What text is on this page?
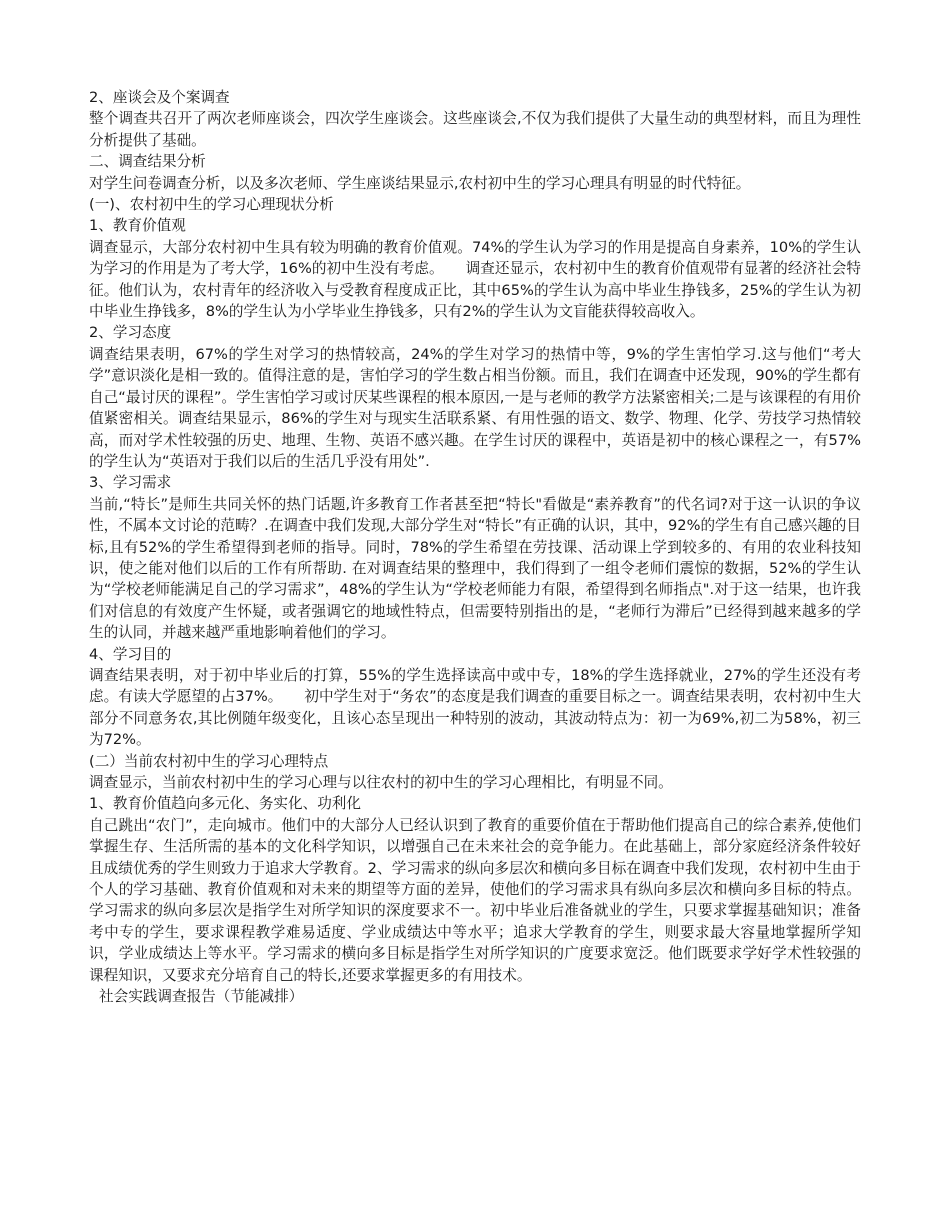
2、座谈会及个案调查

整个调查共召开了两次老师座谈会，四次学生座谈会。这些座谈会,不仅为我们提供了大量生动的典型材料，而且为理性分析提供了基础。

二、调查结果分析

对学生问卷调查分析，以及多次老师、学生座谈结果显示,农村初中生的学习心理具有明显的时代特征。

(一)、农村初中生的学习心理现状分析

1、教育价值观

调查显示，大部分农村初中生具有较为明确的教育价值观。74%的学生认为学习的作用是提高自身素养，10%的学生认为学习的作用是为了考大学，16%的初中生没有考虑。　　调查还显示，农村初中生的教育价值观带有显著的经济社会特征。他们认为，农村青年的经济收入与受教育程度成正比，其中65%的学生认为高中毕业生挣钱多，25%的学生认为初中毕业生挣钱多，8%的学生认为小学毕业生挣钱多，只有2%的学生认为文盲能获得较高收入。

2、学习态度

调查结果表明，67%的学生对学习的热情较高，24%的学生对学习的热情中等，9%的学生害怕学习.这与他们“考大学”意识淡化是相一致的。值得注意的是，害怕学习的学生数占相当份额。而且，我们在调查中还发现，90%的学生都有自己“最讨厌的课程”。学生害怕学习或讨厌某些课程的根本原因,一是与老师的教学方法紧密相关;二是与该课程的有用价值紧密相关。调查结果显示，86%的学生对与现实生活联系紧、有用性强的语文、数学、物理、化学、劳技学习热情较高，而对学术性较强的历史、地理、生物、英语不感兴趣。在学生讨厌的课程中，英语是初中的核心课程之一，有57%的学生认为“英语对于我们以后的生活几乎没有用处”.

3、学习需求

当前,“特长”是师生共同关怀的热门话题,许多教育工作者甚至把“特长"看做是“素养教育”的代名词?对于这一认识的争议性，不属本文讨论的范畴？.在调查中我们发现,大部分学生对“特长”有正确的认识，其中，92%的学生有自己感兴趣的目标,且有52%的学生希望得到老师的指导。同时，78%的学生希望在劳技课、活动课上学到较多的、有用的农业科技知识，使之能对他们以后的工作有所帮助. 在对调查结果的整理中，我们得到了一组令老师们震惊的数据，52%的学生认为“学校老师能满足自己的学习需求”，48%的学生认为“学校老师能力有限，希望得到名师指点".对于这一结果，也许我们对信息的有效度产生怀疑，或者强调它的地域性特点，但需要特别指出的是，“老师行为滞后”已经得到越来越多的学生的认同，并越来越严重地影响着他们的学习。

4、学习目的

调查结果表明，对于初中毕业后的打算，55%的学生选择读高中或中专，18%的学生选择就业，27%的学生还没有考虑。有读大学愿望的占37%。　　初中学生对于“务农”的态度是我们调查的重要目标之一。调查结果表明，农村初中生大部分不同意务农,其比例随年级变化，且该心态呈现出一种特别的波动，其波动特点为：初一为69%,初二为58%，初三为72%。

(二）当前农村初中生的学习心理特点

调查显示，当前农村初中生的学习心理与以往农村的初中生的学习心理相比，有明显不同。

1、教育价值趋向多元化、务实化、功利化

自己跳出“农门”，走向城市。他们中的大部分人已经认识到了教育的重要价值在于帮助他们提高自己的综合素养,使他们掌握生存、生活所需的基本的文化科学知识，以增强自己在未来社会的竞争能力。在此基础上，部分家庭经济条件较好且成绩优秀的学生则致力于追求大学教育。2、学习需求的纵向多层次和横向多目标在调查中我们发现，农村初中生由于个人的学习基础、教育价值观和对未来的期望等方面的差异，使他们的学习需求具有纵向多层次和横向多目标的特点。学习需求的纵向多层次是指学生对所学知识的深度要求不一。初中毕业后准备就业的学生，只要求掌握基础知识；准备考中专的学生，要求课程教学难易适度、学业成绩达中等水平；追求大学教育的学生，则要求最大容量地掌握所学知识，学业成绩达上等水平。学习需求的横向多目标是指学生对所学知识的广度要求宽泛。他们既要求学好学术性较强的课程知识，又要求充分培育自己的特长,还要求掌握更多的有用技术。

社会实践调查报告（节能减排）
